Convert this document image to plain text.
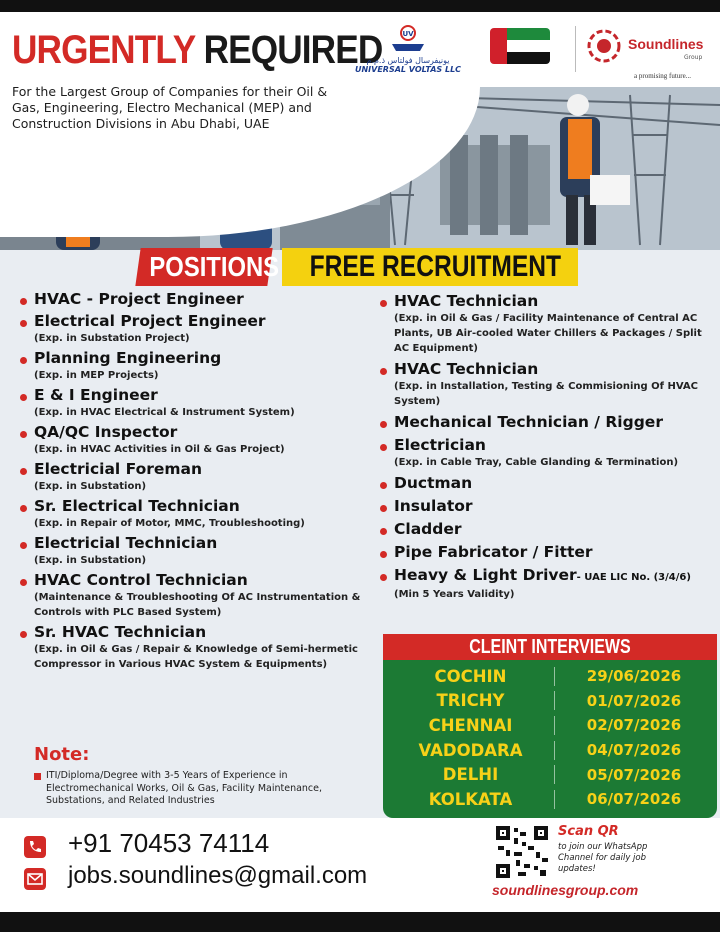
URGENTLY REQUIRED
For the Largest Group of Companies for their Oil & Gas, Engineering, Electro Mechanical (MEP) and Construction Divisions in Abu Dhabi, UAE
UV
يونيفرسال فولتاس ذ.م.م
UNIVERSAL VOLTAS LLC
Soundlines
Group
a promising future...
POSITIONS	FREE RECRUITMENT
HVAC - Project Engineer
Electrical Project Engineer
(Exp. in Substation Project)
Planning Engineering
(Exp. in MEP Projects)
E & I Engineer
(Exp. in HVAC Electrical & Instrument System)
QA/QC Inspector
(Exp. in HVAC Activities in Oil & Gas Project)
Electricial Foreman
(Exp. in Substation)
Sr. Electrical Technician
(Exp. in Repair of Motor, MMC, Troubleshooting)
Electricial Technician
(Exp. in Substation)
HVAC Control Technician
(Maintenance & Troubleshooting Of AC Instrumentation & Controls with PLC Based System)
Sr. HVAC Technician
(Exp. in Oil & Gas / Repair & Knowledge of Semi-hermetic Compressor in Various HVAC System & Equipments)
HVAC Technician
(Exp. in Oil & Gas / Facility Maintenance of Central AC Plants, UB Air-cooled Water Chillers & Packages / Split AC Equipment)
HVAC Technician
(Exp. in Installation, Testing & Commisioning Of HVAC System)
Mechanical Technician / Rigger
Electrician
(Exp. in Cable Tray, Cable Glanding & Termination)
Ductman
Insulator
Cladder
Pipe Fabricator / Fitter
Heavy & Light Driver- UAE LIC No. (3/4/6)
(Min 5 Years Validity)
Note:
ITI/Diploma/Degree with 3-5 Years of Experience in Electromechanical Works, Oil & Gas, Facility Maintenance, Substations, and Related Industries
CLEINT INTERVIEWS
COCHIN	29/06/2026
TRICHY	01/07/2026
CHENNAI	02/07/2026
VADODARA	04/07/2026
DELHI	05/07/2026
KOLKATA	06/07/2026
+91 70453 74114
jobs.soundlines@gmail.com
Scan QR
to join our WhatsApp Channel for daily job updates!
soundlinesgroup.com
